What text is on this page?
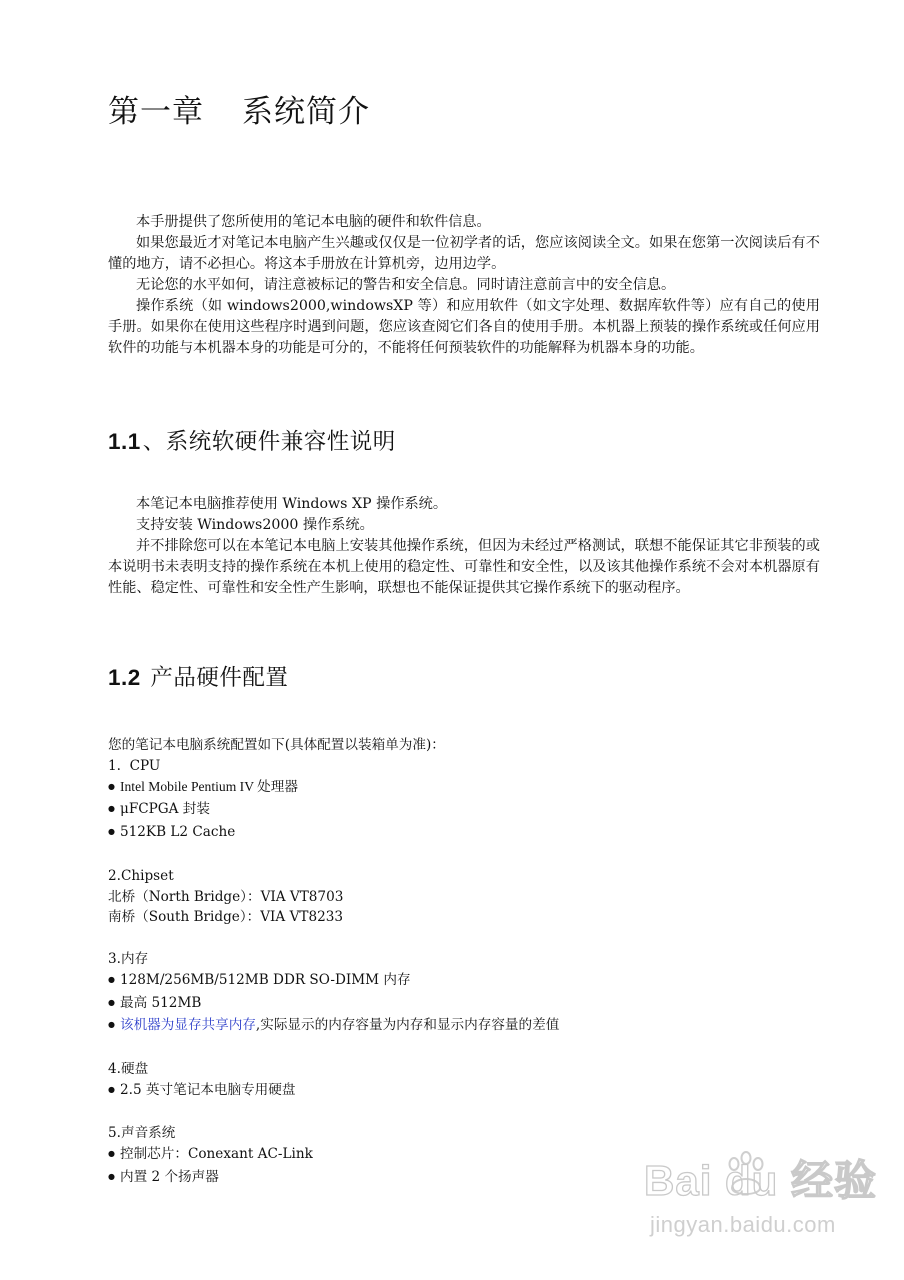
第一章 系统简介

本手册提供了您所使用的笔记本电脑的硬件和软件信息。

如果您最近才对笔记本电脑产生兴趣或仅仅是一位初学者的话，您应该阅读全文。如果在您第一次阅读后有不懂的地方，请不必担心。将这本手册放在计算机旁，边用边学。

无论您的水平如何，请注意被标记的警告和安全信息。同时请注意前言中的安全信息。

操作系统（如 windows2000,windowsXP 等）和应用软件（如文字处理、数据库软件等）应有自己的使用手册。如果你在使用这些程序时遇到问题，您应该查阅它们各自的使用手册。本机器上预装的操作系统或任何应用软件的功能与本机器本身的功能是可分的，不能将任何预装软件的功能解释为机器本身的功能。

1.1、系统软硬件兼容性说明

本笔记本电脑推荐使用 Windows XP 操作系统。

支持安装 Windows2000 操作系统。

并不排除您可以在本笔记本电脑上安装其他操作系统，但因为未经过严格测试，联想不能保证其它非预装的或本说明书未表明支持的操作系统在本机上使用的稳定性、可靠性和安全性，以及该其他操作系统不会对本机器原有性能、稳定性、可靠性和安全性产生影响，联想也不能保证提供其它操作系统下的驱动程序。

1.2 产品硬件配置
您的笔记本电脑系统配置如下(具体配置以装箱单为准)：
1.  CPU
● Intel Mobile Pentium IV 处理器
● μFCPGA 封装
● 512KB L2 Cache
2.Chipset
北桥（North Bridge）：VIA VT8703
南桥（South Bridge）：VIA VT8233
3.内存
● 128M/256MB/512MB DDR SO-DIMM 内存
● 最高 512MB
● 该机器为显存共享内存,实际显示的内存容量为内存和显示内存容量的差值
4.硬盘
● 2.5 英寸笔记本电脑专用硬盘
5.声音系统
● 控制芯片：Conexant AC-Link
● 内置 2 个扬声器	Bai du 经验
jingyan.baidu.com
